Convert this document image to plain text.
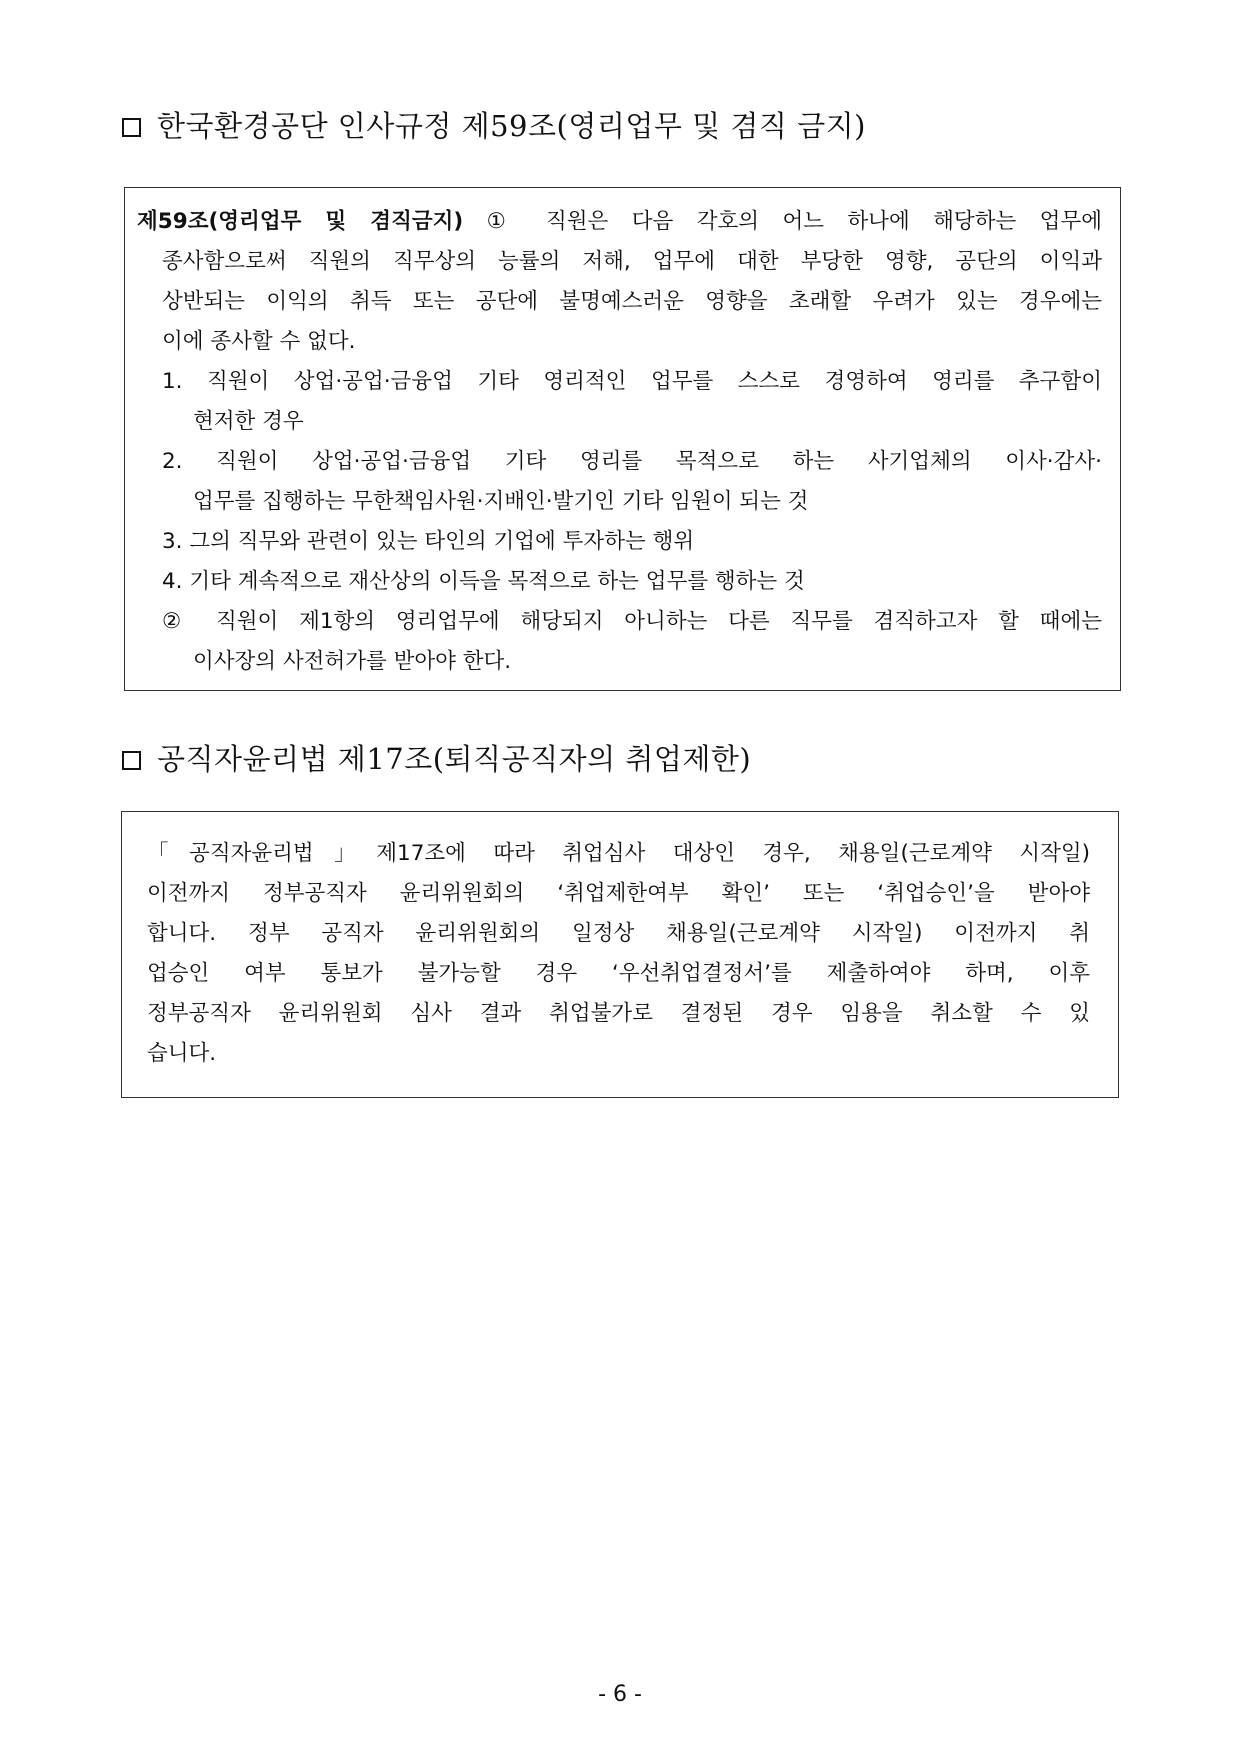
한국환경공단 인사규정 제59조(영리업무 및 겸직 금지)

제59조(영리업무 및 겸직금지) ① 직원은 다음 각호의 어느 하나에 해당하는 업무에

종사함으로써 직원의 직무상의 능률의 저해, 업무에 대한 부당한 영향, 공단의 이익과

상반되는 이익의 취득 또는 공단에 불명예스러운 영향을 초래할 우려가 있는 경우에는

이에 종사할 수 없다.

1. 직원이 상업·공업·금융업 기타 영리적인 업무를 스스로 경영하여 영리를 추구함이

현저한 경우

2. 직원이 상업·공업·금융업 기타 영리를 목적으로 하는 사기업체의 이사·감사·

업무를 집행하는 무한책임사원·지배인·발기인 기타 임원이 되는 것

3. 그의 직무와 관련이 있는 타인의 기업에 투자하는 행위

4. 기타 계속적으로 재산상의 이득을 목적으로 하는 업무를 행하는 것

② 직원이 제1항의 영리업무에 해당되지 아니하는 다른 직무를 겸직하고자 할 때에는

이사장의 사전허가를 받아야 한다.

공직자윤리법 제17조(퇴직공직자의 취업제한)

「공직자윤리법」제17조에 따라 취업심사 대상인 경우, 채용일(근로계약 시작일)

이전까지 정부공직자 윤리위원회의 ‘취업제한여부 확인’ 또는 ‘취업승인’을 받아야

합니다. 정부 공직자 윤리위원회의 일정상 채용일(근로계약 시작일) 이전까지 취

업승인 여부 통보가 불가능할 경우 ‘우선취업결정서’를 제출하여야 하며, 이후

정부공직자 윤리위원회 심사 결과 취업불가로 결정된 경우 임용을 취소할 수 있

습니다.

- 6 -
